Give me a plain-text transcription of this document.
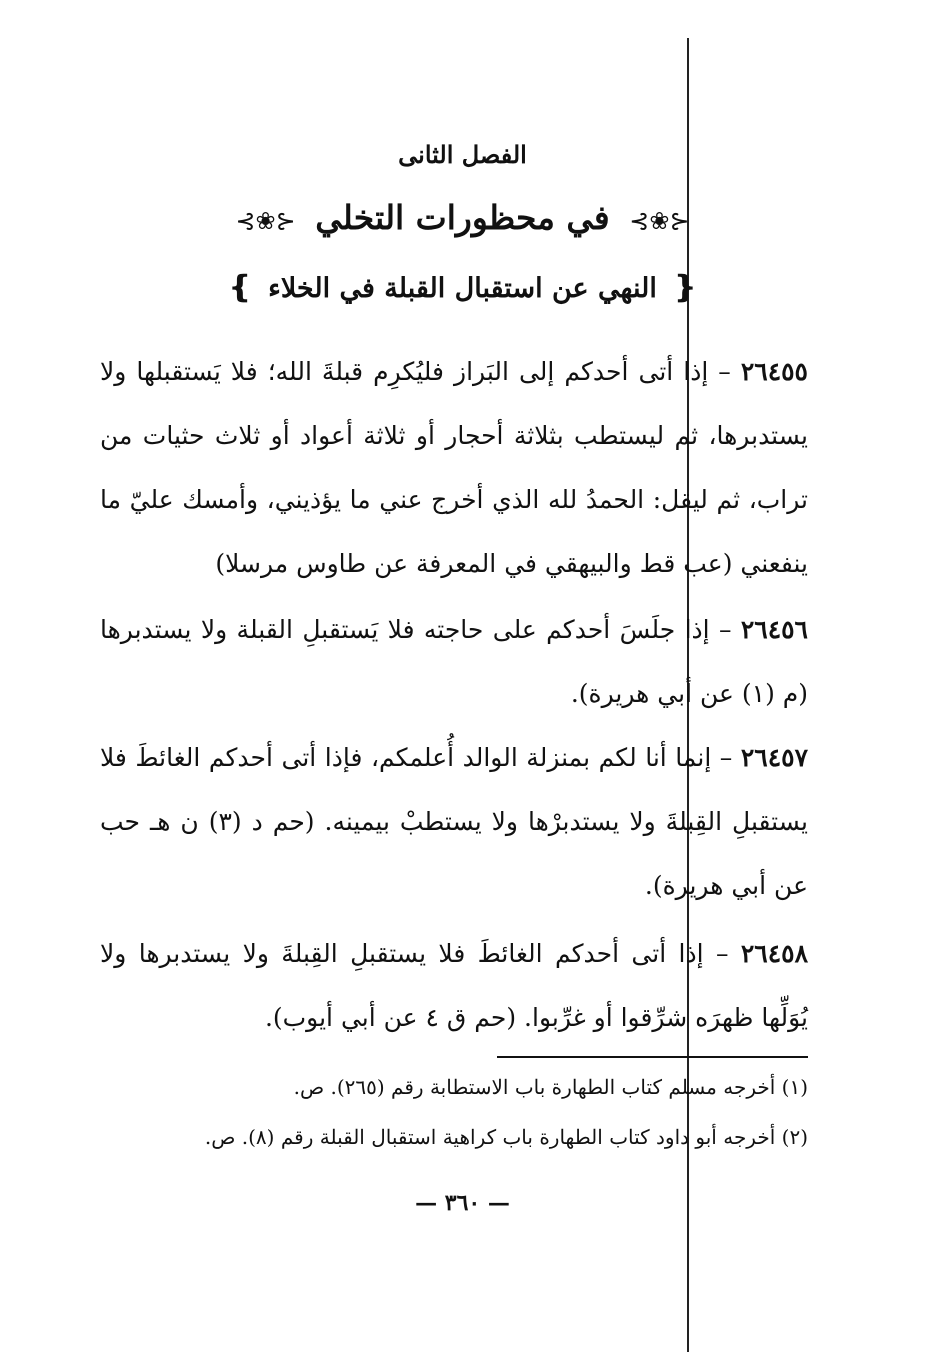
الفصل الثانى
⊰❀⊱ في محظورات التخلي ⊰❀⊱
❴ النهي عن استقبال القبلة في الخلاء ❵

٢٦٤٥٥ – إذا أتى أحدكم إلى البَراز فليُكرِم قبلةَ الله؛ فلا يَستقبلها ولا يستدبرها، ثم ليستطب بثلاثة أحجار أو ثلاثة أعواد أو ثلاث حثيات من تراب، ثم ليقل: الحمدُ لله الذي أخرج عني ما يؤذيني، وأمسك عليّ ما ينفعني (عب قط والبيهقي في المعرفة عن طاوس مرسلا)

٢٦٤٥٦ – إذا جلَسَ أحدكم على حاجته فلا يَستقبلِ القبلة ولا يستدبرها (م (١) عن أبي هريرة).

٢٦٤٥٧ – إنما أنا لكم بمنزلة الوالد أُعلمكم، فإذا أتى أحدكم الغائطَ فلا يستقبلِ القِبلةَ ولا يستدبرْها ولا يستطبْ بيمينه. (حم د (٣) ن هـ حب عن أبي هريرة).

٢٦٤٥٨ – إذا أتى أحدكم الغائطَ فلا يستقبلِ القِبلةَ ولا يستدبرها ولا يُوَلِّها ظهرَه شرِّقوا أو غرِّبوا. (حم ق ٤ عن أبي أيوب).

(١) أخرجه مسلم كتاب الطهارة باب الاستطابة رقم (٢٦٥). ص.

(٢) أخرجه أبو داود كتاب الطهارة باب كراهية استقبال القبلة رقم (٨). ص.

— ٣٦٠ —
